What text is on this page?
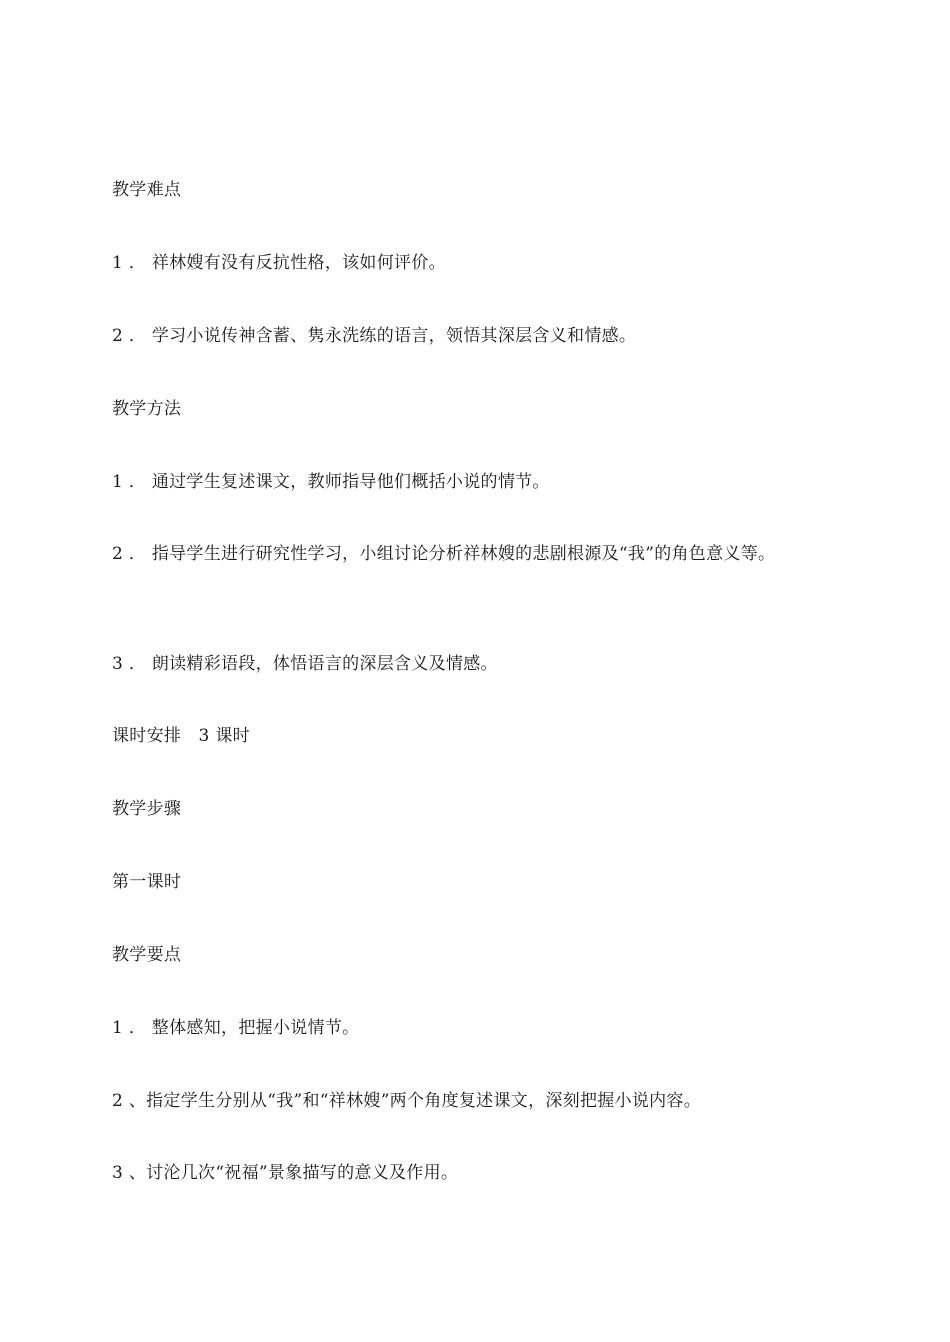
教学难点
1 ． 祥林嫂有没有反抗性格，该如何评价。
2 ． 学习小说传神含蓄、隽永洗练的语言，领悟其深层含义和情感。
教学方法
1 ． 通过学生复述课文，教师指导他们概括小说的情节。
2 ． 指导学生进行研究性学习，小组讨论分析祥林嫂的悲剧根源及“我”的角色意义等。
3 ． 朗读精彩语段，体悟语言的深层含义及情感。
课时安排　3 课时
教学步骤
第一课时
教学要点
1 ． 整体感知，把握小说情节。
2 、指定学生分别从“我”和“祥林嫂”两个角度复述课文，深刻把握小说内容。
3 、讨沦几次“祝福”景象描写的意义及作用。
